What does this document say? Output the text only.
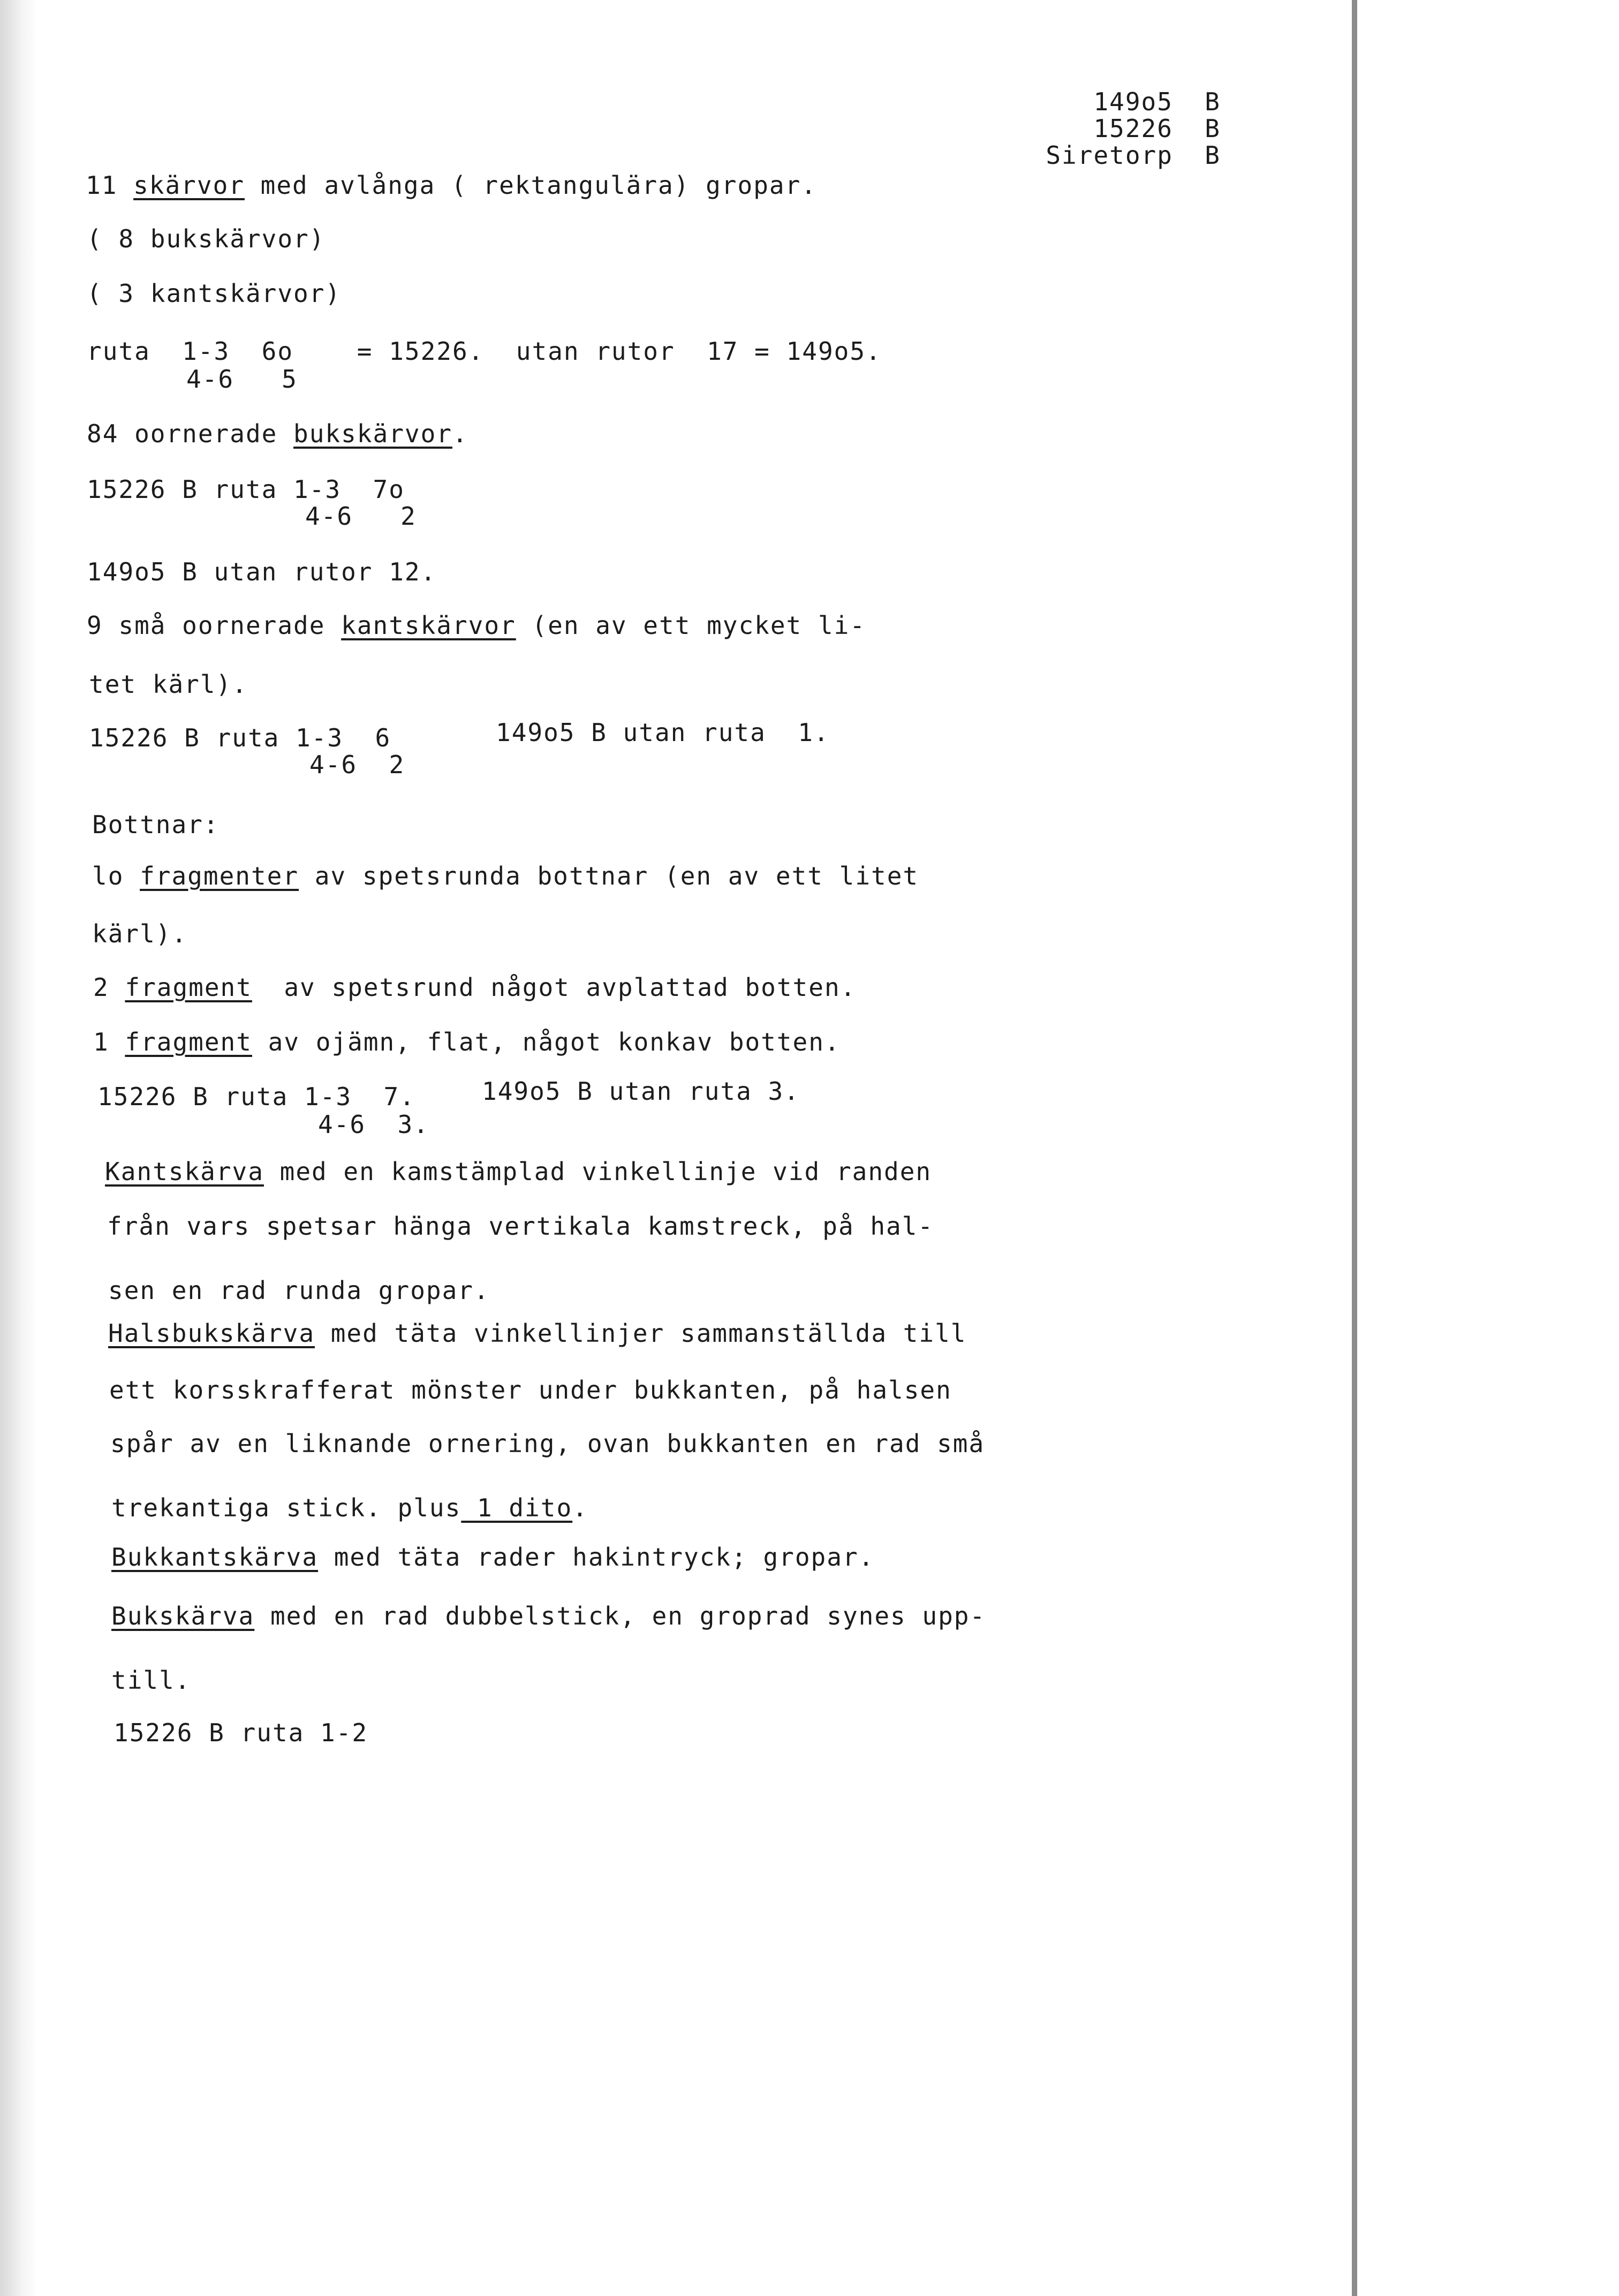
149o5  B
15226  B
Siretorp  B
11 skärvor med avlånga ( rektangulära) gropar.
( 8 bukskärvor)
( 3 kantskärvor)
ruta  1-3  6o    = 15226.  utan rutor  17 = 149o5.
4-6   5
84 oornerade bukskärvor.
15226 B ruta 1-3  7o
4-6   2
149o5 B utan rutor 12.
9 små oornerade kantskärvor (en av ett mycket li-
tet kärl).
15226 B ruta 1-3  6	149o5 B utan ruta  1.
4-6  2
Bottnar:
lo fragmenter av spetsrunda bottnar (en av ett litet
kärl).
2 fragment  av spetsrund något avplattad botten.
1 fragment av ojämn, flat, något konkav botten.
15226 B ruta 1-3  7.	149o5 B utan ruta 3.
4-6  3.
Kantskärva med en kamstämplad vinkellinje vid randen
från vars spetsar hänga vertikala kamstreck, på hal-
sen en rad runda gropar.
Halsbukskärva med täta vinkellinjer sammanställda till
ett korsskrafferat mönster under bukkanten, på halsen
spår av en liknande ornering, ovan bukkanten en rad små
trekantiga stick. plus 1 dito.
Bukkantskärva med täta rader hakintryck; gropar.
Bukskärva med en rad dubbelstick, en groprad synes upp-
till.
15226 B ruta 1-2
